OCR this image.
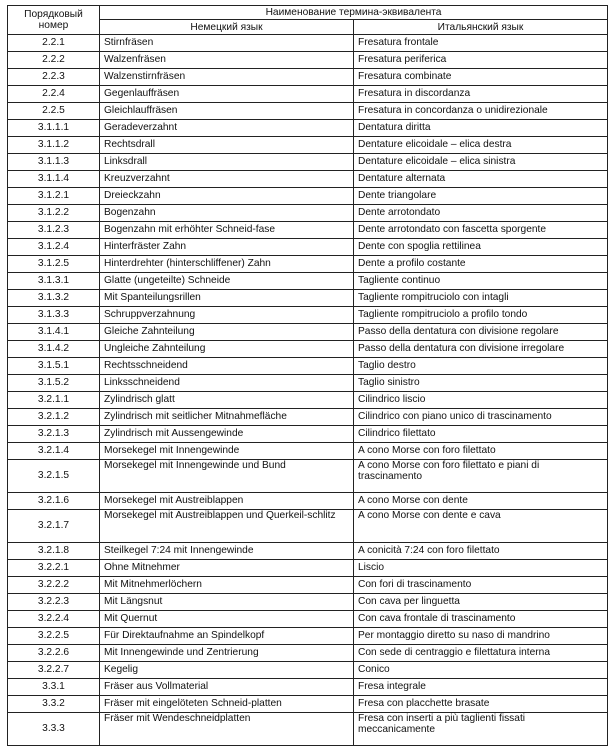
Порядковый номер	Наименование термина-эквивалента	
	Немецкий язык	Итальянский язык
2.2.1	Stirnfräsen	Fresatura frontale
2.2.2	Walzenfräsen	Fresatura periferica
2.2.3	Walzenstirnfräsen	Fresatura combinate
2.2.4	Gegenlauffräsen	Fresatura in discordanza
2.2.5	Gleichlauffräsen	Fresatura in concordanza o unidirezionale
3.1.1.1	Geradeverzahnt	Dentatura diritta
3.1.1.2	Rechtsdrall	Dentature elicoidale – elica destra
3.1.1.3	Linksdrall	Dentature elicoidale – elica sinistra
3.1.1.4	Kreuzverzahnt	Dentature alternata
3.1.2.1	Dreieckzahn	Dente triangolare
3.1.2.2	Bogenzahn	Dente arrotondato
3.1.2.3	Bogenzahn mit erhöhter Schneid-fase	Dente arrotondato con fascetta sporgente
3.1.2.4	Hinterfräster Zahn	Dente con spoglia rettilinea
3.1.2.5	Hinterdrehter (hinterschliffener) Zahn	Dente a profilo costante
3.1.3.1	Glatte (ungeteilte) Schneide	Tagliente continuo
3.1.3.2	Mit Spanteilungsrillen	Tagliente rompitruciolo con intagli
3.1.3.3	Schruppverzahnung	Tagliente rompitruciolo a profilo tondo
3.1.4.1	Gleiche Zahnteilung	Passo della dentatura con divisione regolare
3.1.4.2	Ungleiche Zahnteilung	Passo della dentatura con divisione irregolare
3.1.5.1	Rechtsschneidend	Taglio destro
3.1.5.2	Linksschneidend	Taglio sinistro
3.2.1.1	Zylindrisch glatt	Cilindrico liscio
3.2.1.2	Zylindrisch mit seitlicher Mitnahmefläche	Cilindrico con piano unico di trascinamento
3.2.1.3	Zylindrisch mit Aussengewinde	Cilindrico filettato
3.2.1.4	Morsekegel mit Innengewinde	A cono Morse con foro filettato
3.2.1.5	Morsekegel mit Innengewinde und Bund	A cono Morse con foro filettato e piani di trascinamento
3.2.1.6	Morsekegel mit Austreiblappen	A cono Morse con dente
3.2.1.7	Morsekegel mit Austreiblappen und Querkeil-schlitz	A cono Morse con dente e cava
3.2.1.8	Steilkegel 7:24 mit Innengewinde	A conicità 7:24 con foro filettato
3.2.2.1	Ohne Mitnehmer	Liscio
3.2.2.2	Mit Mitnehmerlöchern	Con fori di trascinamento
3.2.2.3	Mit Längsnut	Con cava per linguetta
3.2.2.4	Mit Quernut	Con cava frontale di trascinamento
3.2.2.5	Für Direktaufnahme an Spindelkopf	Per montaggio diretto su naso di mandrino
3.2.2.6	Mit Innengewinde und Zentrierung	Con sede di centraggio e filettatura interna
3.2.2.7	Kegelig	Conico
3.3.1	Fräser aus Vollmaterial	Fresa integrale
3.3.2	Fräser mit eingelöteten Schneid-platten	Fresa con placchette brasate
3.3.3	Fräser mit Wendeschneidplatten	Fresa con inserti a più taglienti fissati meccanicamente
